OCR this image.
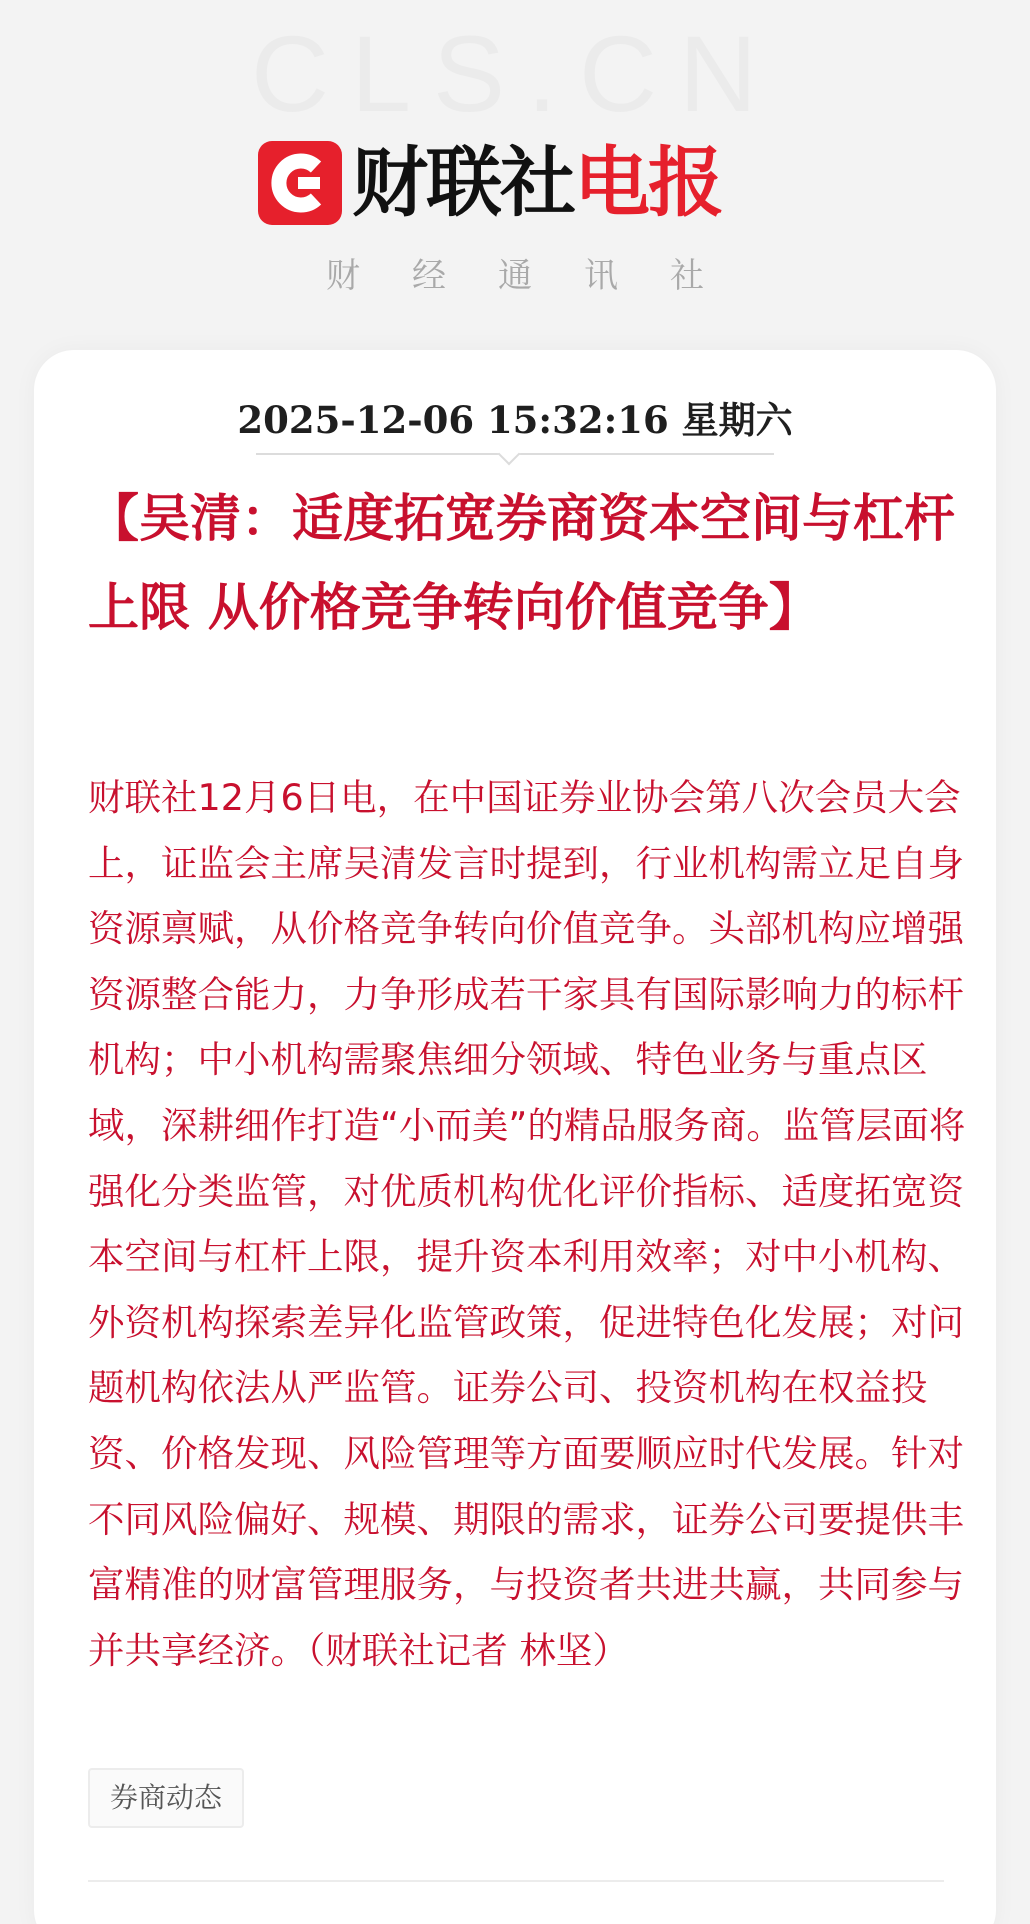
CLS.CN
财联社电报
财经通讯社
2025-12-06 15:32:16 星期六
【吴清：适度拓宽券商资本空间与杠杆上限 从价格竞争转向价值竞争】
财联社12月6日电，在中国证券业协会第八次会员大会上，证监会主席吴清发言时提到，行业机构需立足自身资源禀赋，从价格竞争转向价值竞争。头部机构应增强资源整合能力，力争形成若干家具有国际影响力的标杆机构；中小机构需聚焦细分领域、特色业务与重点区域，深耕细作打造“小而美”的精品服务商。监管层面将强化分类监管，对优质机构优化评价指标、适度拓宽资本空间与杠杆上限，提升资本利用效率；对中小机构、外资机构探索差异化监管政策，促进特色化发展；对问题机构依法从严监管。证券公司、投资机构在权益投资、价格发现、风险管理等方面要顺应时代发展。针对不同风险偏好、规模、期限的需求，证券公司要提供丰富精准的财富管理服务，与投资者共进共赢，共同参与并共享经济。（财联社记者 林坚）
券商动态
